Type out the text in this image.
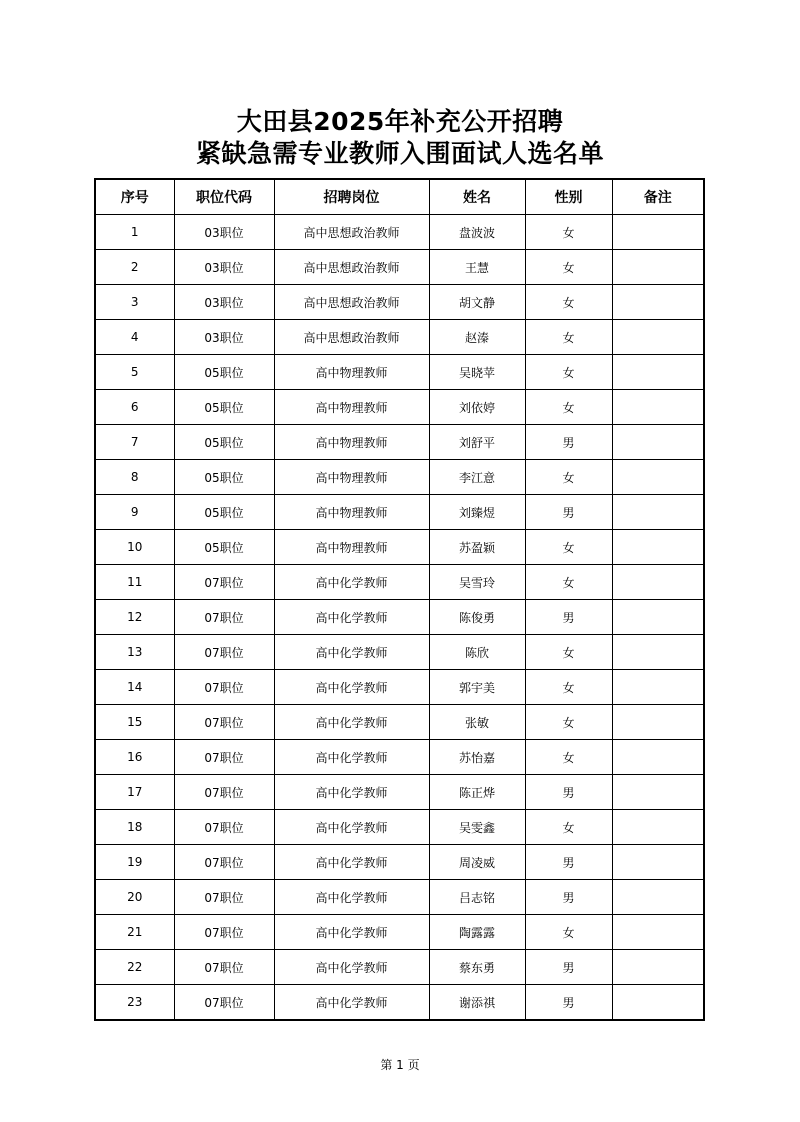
大田县2025年补充公开招聘
紧缺急需专业教师入围面试人选名单
序号	职位代码	招聘岗位	姓名	性别	备注
1	03职位	高中思想政治教师	盘波波	女	
2	03职位	高中思想政治教师	王慧	女	
3	03职位	高中思想政治教师	胡文静	女	
4	03职位	高中思想政治教师	赵溱	女	
5	05职位	高中物理教师	吴晓苹	女	
6	05职位	高中物理教师	刘依婷	女	
7	05职位	高中物理教师	刘舒平	男	
8	05职位	高中物理教师	李江意	女	
9	05职位	高中物理教师	刘臻煜	男	
10	05职位	高中物理教师	苏盈颖	女	
11	07职位	高中化学教师	吴雪玲	女	
12	07职位	高中化学教师	陈俊勇	男	
13	07职位	高中化学教师	陈欣	女	
14	07职位	高中化学教师	郭宇美	女	
15	07职位	高中化学教师	张敏	女	
16	07职位	高中化学教师	苏怡嘉	女	
17	07职位	高中化学教师	陈正烨	男	
18	07职位	高中化学教师	吴雯鑫	女	
19	07职位	高中化学教师	周凌威	男	
20	07职位	高中化学教师	吕志铭	男	
21	07职位	高中化学教师	陶露露	女	
22	07职位	高中化学教师	蔡东勇	男	
23	07职位	高中化学教师	谢添祺	男	
第 1 页
